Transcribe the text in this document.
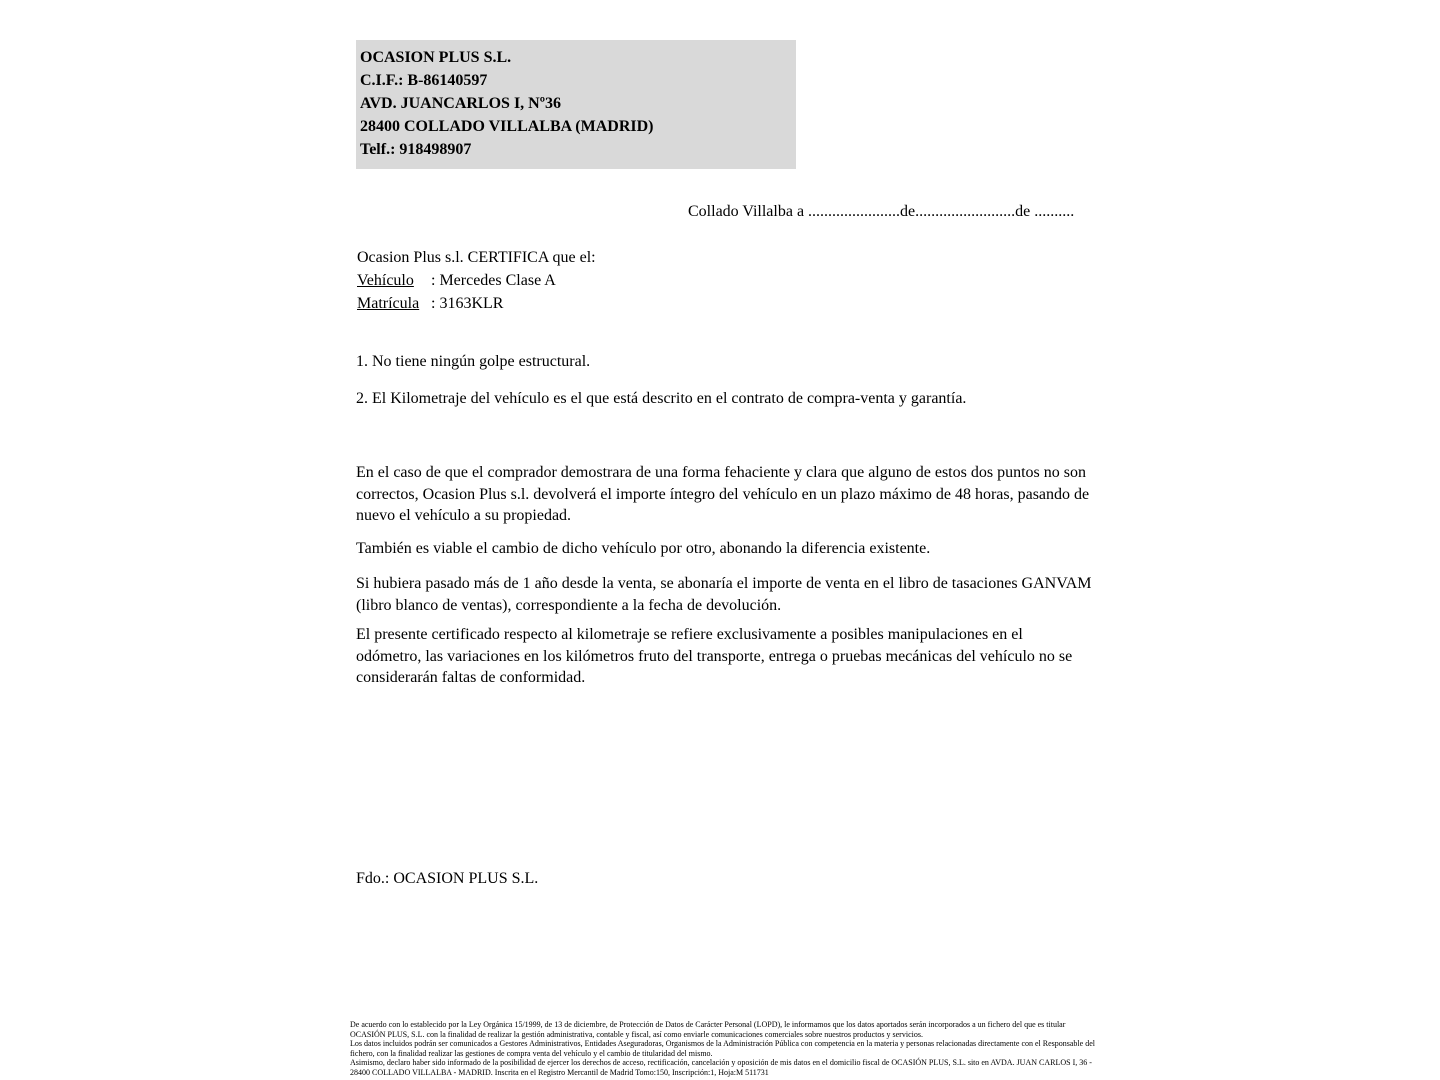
OCASION PLUS S.L.
C.I.F.: B-86140597
AVD. JUANCARLOS I, Nº36
28400 COLLADO VILLALBA (MADRID)
Telf.: 918498907
Collado Villalba a .......................de.........................de ..........
Ocasion Plus s.l. CERTIFICA que el:
Vehículo : Mercedes Clase A
Matrícula : 3163KLR
1. No tiene ningún golpe estructural.
2. El Kilometraje del vehículo es el que está descrito en el contrato de compra-venta y garantía.
En el caso de que el comprador demostrara de una forma fehaciente y clara que alguno de estos dos puntos no son correctos, Ocasion Plus s.l. devolverá el importe íntegro del vehículo en un plazo máximo de 48 horas, pasando de nuevo el vehículo a su propiedad.
También es viable el cambio de dicho vehículo por otro, abonando la diferencia existente.
Si hubiera pasado más de 1 año desde la venta, se abonaría el importe de venta en el libro de tasaciones GANVAM (libro blanco de ventas), correspondiente a la fecha de devolución.
El presente certificado respecto al kilometraje se refiere exclusivamente a posibles manipulaciones en el odómetro, las variaciones en los kilómetros fruto del transporte, entrega o pruebas mecánicas del vehículo no se considerarán faltas de conformidad.
Fdo.: OCASION PLUS S.L.

De acuerdo con lo establecido por la Ley Orgánica 15/1999, de 13 de diciembre, de Protección de Datos de Carácter Personal (LOPD), le informamos que los datos aportados serán incorporados a un fichero del que es titular OCASIÓN PLUS, S.L. con la finalidad de realizar la gestión administrativa, contable y fiscal, así como enviarle comunicaciones comerciales sobre nuestros productos y servicios.

Los datos incluidos podrán ser comunicados a Gestores Administrativos, Entidades Aseguradoras, Organismos de la Administración Pública con competencia en la materia y personas relacionadas directamente con el Responsable del fichero, con la finalidad realizar las gestiones de compra venta del vehículo y el cambio de titularidad del mismo.

Asimismo, declaro haber sido informado de la posibilidad de ejercer los derechos de acceso, rectificación, cancelación y oposición de mis datos en el domicilio fiscal de OCASIÓN PLUS, S.L. sito en AVDA. JUAN CARLOS I, 36 - 28400 COLLADO VILLALBA - MADRID. Inscrita en el Registro Mercantil de Madrid Tomo:150, Inscripción:1, Hoja:M 511731
